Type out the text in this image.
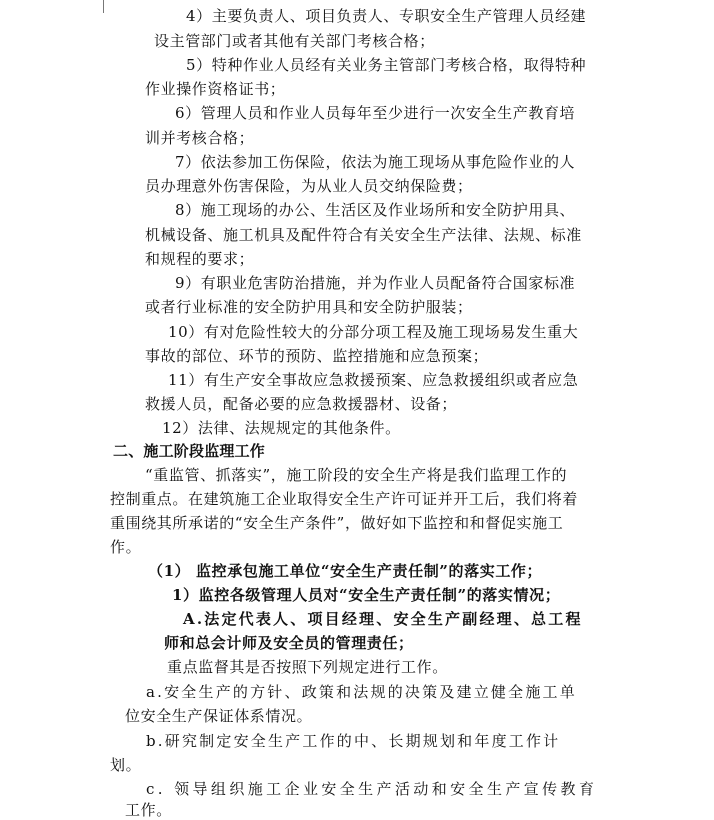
4）主要负责人、项目负责人、专职安全生产管理人员经建
设主管部门或者其他有关部门考核合格；
5）特种作业人员经有关业务主管部门考核合格，取得特种
作业操作资格证书；
6）管理人员和作业人员每年至少进行一次安全生产教育培
训并考核合格；
7）依法参加工伤保险，依法为施工现场从事危险作业的人
员办理意外伤害保险，为从业人员交纳保险费；
8）施工现场的办公、生活区及作业场所和安全防护用具、
机械设备、施工机具及配件符合有关安全生产法律、法规、标准
和规程的要求；
9）有职业危害防治措施，并为作业人员配备符合国家标准
或者行业标准的安全防护用具和安全防护服装；
10）有对危险性较大的分部分项工程及施工现场易发生重大
事故的部位、环节的预防、监控措施和应急预案；
11）有生产安全事故应急救援预案、应急救援组织或者应急
救援人员，配备必要的应急救援器材、设备；
12）法律、法规规定的其他条件。
二、施工阶段监理工作
“重监管、抓落实”，施工阶段的安全生产将是我们监理工作的
控制重点。在建筑施工企业取得安全生产许可证并开工后，我们将着
重围绕其所承诺的“安全生产条件”，做好如下监控和和督促实施工
作。
（1） 监控承包施工单位“安全生产责任制”的落实工作；
1）监控各级管理人员对“安全生产责任制”的落实情况；
A.法定代表人、项目经理、安全生产副经理、总工程
师和总会计师及安全员的管理责任；
重点监督其是否按照下列规定进行工作。
a.安全生产的方针、政策和法规的决策及建立健全施工单
位安全生产保证体系情况。
b.研究制定安全生产工作的中、长期规划和年度工作计
划。
c. 领导组织施工企业安全生产活动和安全生产宣传教育
工作。
